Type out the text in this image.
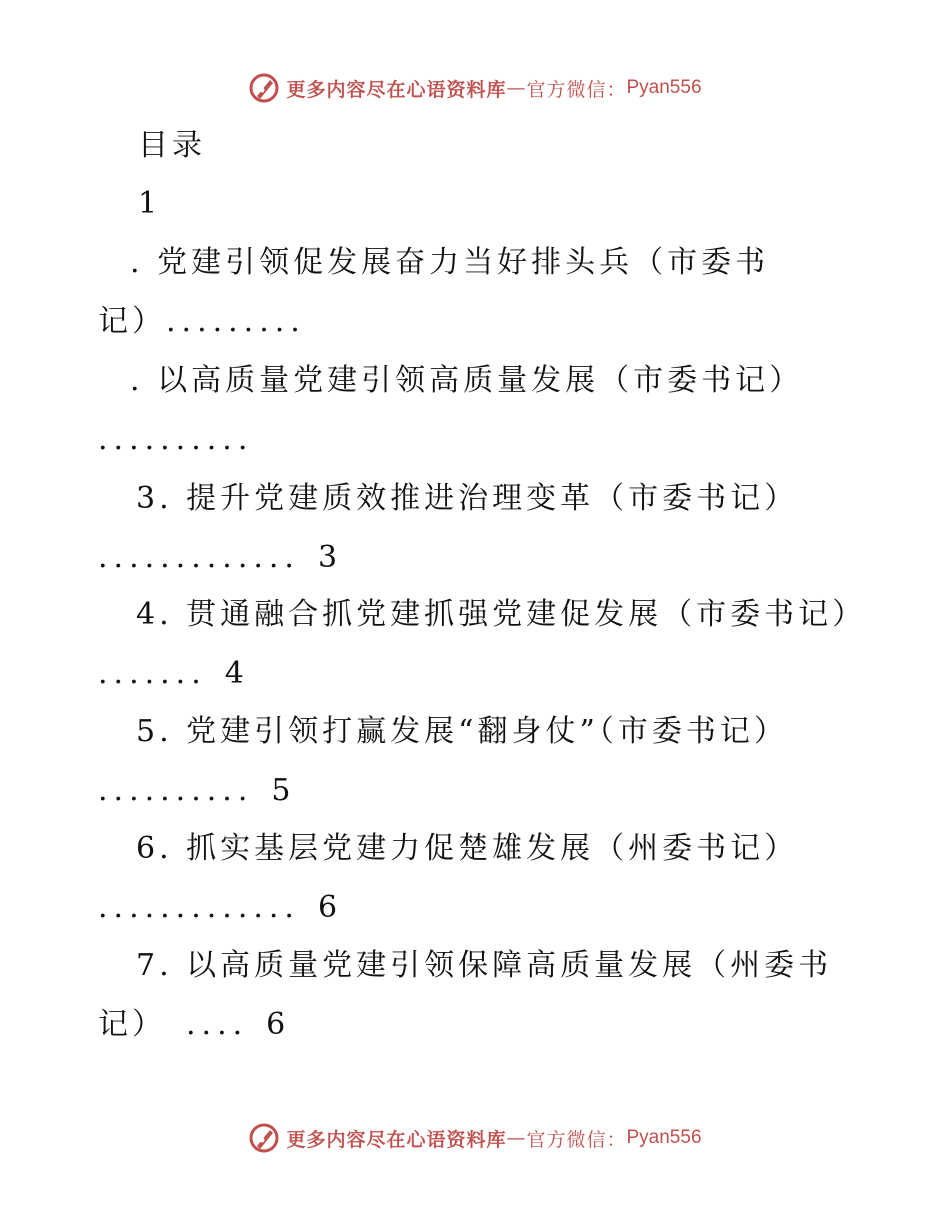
更多内容尽在心语资料库 — 官方微信： Pyan556
目录
1
. 党建引领促发展奋力当好排头兵（市委书
记）.........
. 以高质量党建引领高质量发展（市委书记）
..........
3. 提升党建质效推进治理变革（市委书记）
............. 3
4. 贯通融合抓党建抓强党建促发展（市委书记）
....... 4
5. 党建引领打赢发展“翻身仗”（市委书记）
.......... 5
6. 抓实基层党建力促楚雄发展（州委书记）
............. 6
7. 以高质量党建引领保障高质量发展（州委书
记） .... 6
更多内容尽在心语资料库 — 官方微信： Pyan556
